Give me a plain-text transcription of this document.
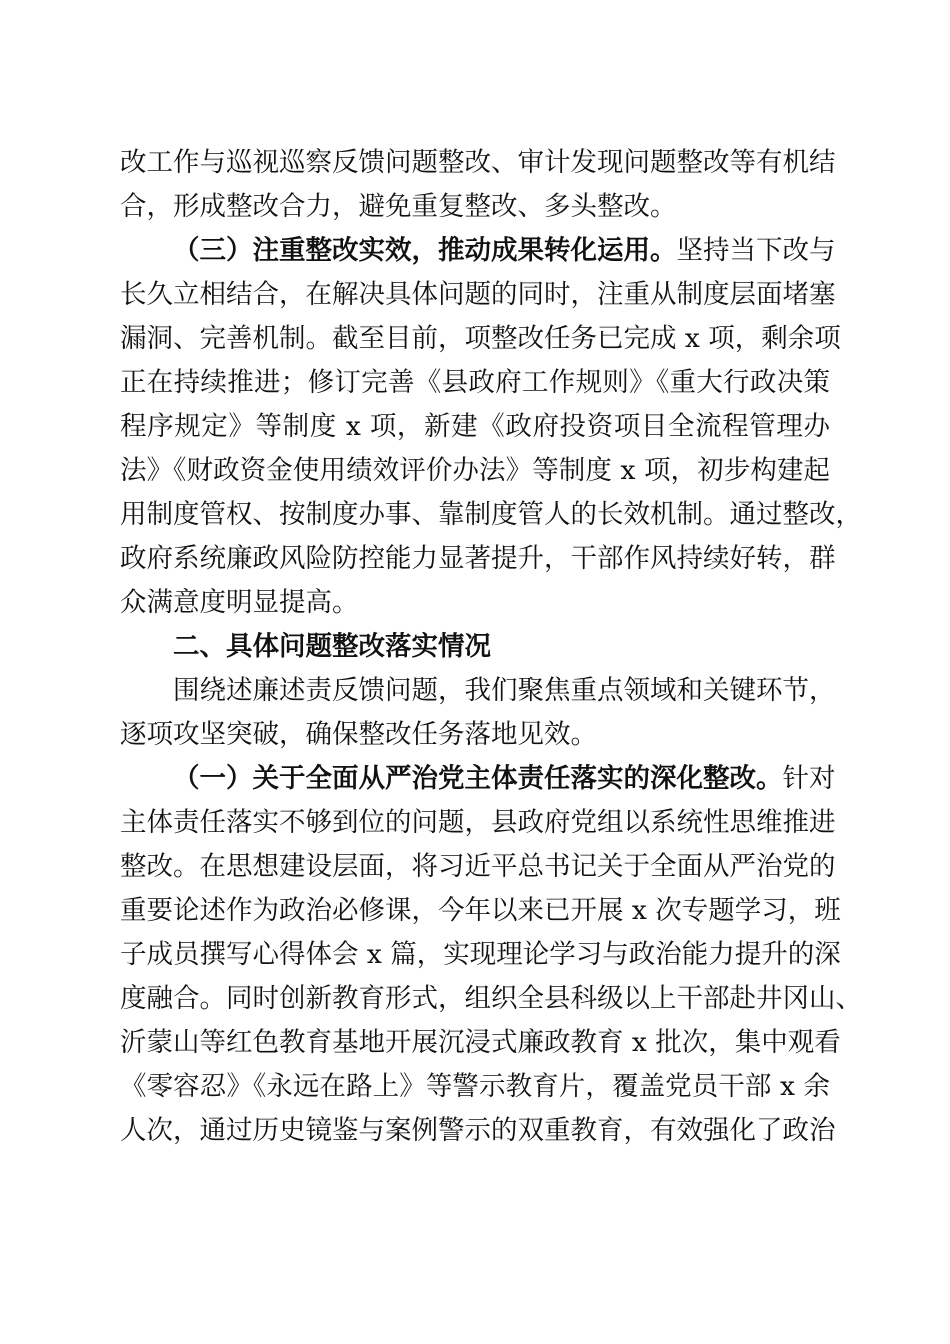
改工作与巡视巡察反馈问题整改、审计发现问题整改等有机结
合，形成整改合力，避免重复整改、多头整改。
（三）注重整改实效，推动成果转化运用。坚持当下改与
长久立相结合，在解决具体问题的同时，注重从制度层面堵塞
漏洞、完善机制。截至目前，项整改任务已完成 x 项，剩余项
正在持续推进；修订完善《县政府工作规则》《重大行政决策
程序规定》等制度 x 项，新建《政府投资项目全流程管理办
法》《财政资金使用绩效评价办法》等制度 x 项，初步构建起
用制度管权、按制度办事、靠制度管人的长效机制。通过整改，
政府系统廉政风险防控能力显著提升，干部作风持续好转，群
众满意度明显提高。
二、具体问题整改落实情况
围绕述廉述责反馈问题，我们聚焦重点领域和关键环节，
逐项攻坚突破，确保整改任务落地见效。
（一）关于全面从严治党主体责任落实的深化整改。针对
主体责任落实不够到位的问题，县政府党组以系统性思维推进
整改。在思想建设层面，将习近平总书记关于全面从严治党的
重要论述作为政治必修课，今年以来已开展 x 次专题学习，班
子成员撰写心得体会 x 篇，实现理论学习与政治能力提升的深
度融合。同时创新教育形式，组织全县科级以上干部赴井冈山、
沂蒙山等红色教育基地开展沉浸式廉政教育 x 批次，集中观看
《零容忍》《永远在路上》等警示教育片，覆盖党员干部 x 余
人次，通过历史镜鉴与案例警示的双重教育，有效强化了政治
